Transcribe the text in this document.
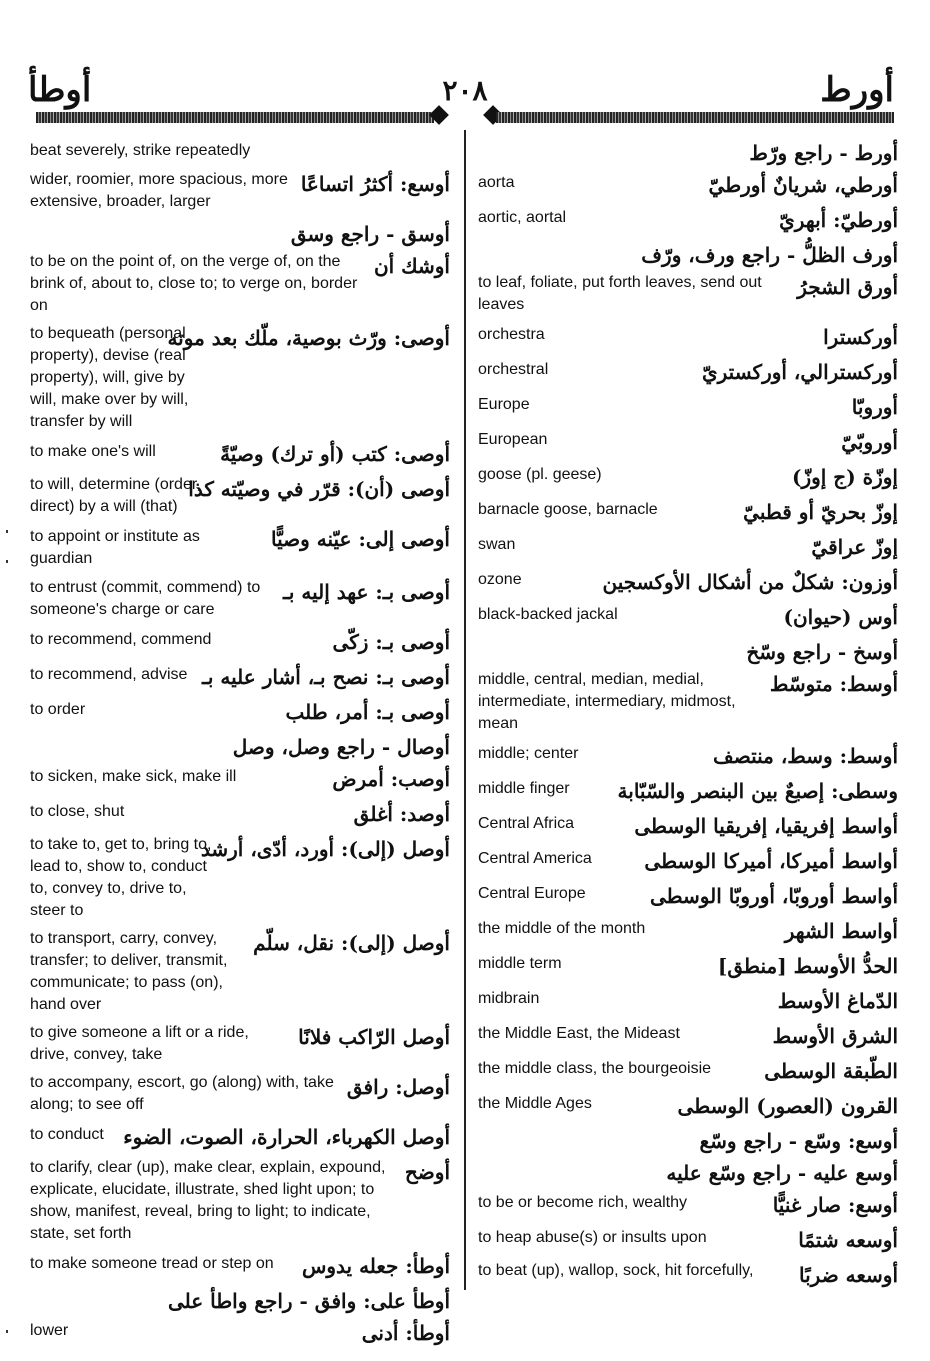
أوطأ	٢٠٨	أورط
beat severely, strike repeatedly
wider, roomier, more spacious, more extensive, broader, larger
أوسع: أكثرُ اتساعًا
أوسق - راجع وسق
to be on the point of, on the verge of, on the brink of, about to, close to; to verge on, border on
أوشك أن
to bequeath (personal property), devise (real property), will, give by will, make over by will, transfer by will
أوصى: ورّث بوصية، ملّك بعد موته
to make one's will	أوصى: كتب (أو ترك) وصيّةً
to will, determine (order, direct) by a will (that)
أوصى (أن): قرّر في وصيّته كذا
to appoint or institute as guardian
أوصى إلى: عيّنه وصيًّا
to entrust (commit, commend) to someone's charge or care
أوصى بـ: عهد إليه بـ
to recommend, commend	أوصى بـ: زكّى
to recommend, advise أوصى بـ: نصح بـ، أشار عليه بـ
to order	أوصى بـ: أمر، طلب
أوصال - راجع وصل، وصل
to sicken, make sick, make ill	أوصب: أمرض
to close, shut	أوصد: أغلق
to take to, get to, bring to, lead to, show to, conduct to, convey to, drive to, steer to
أوصل (إلى): أورد، أدّى، أرشد
to transport, carry, convey, transfer; to deliver, transmit, communicate; to pass (on), hand over
أوصل (إلى): نقل، سلّم
to give someone a lift or a ride, drive, convey, take
أوصل الرّاكب فلانًا
to accompany, escort, go (along) with, take along; to see off
أوصل: رافق
to conduct أوصل الكهرباء، الحرارة، الصوت، الضوء
to clarify, clear (up), make clear, explain, expound, explicate, elucidate, illustrate, shed light upon; to show, manifest, reveal, bring to light; to indicate, state, set forth
أوضح
to make someone tread or step on	أوطأ: جعله يدوس
أوطأ على: وافق - راجع واطأ على
lower	أوطأ: أدنى
أورط - راجع ورّط
aorta	أورطي، شريانٌ أورطيّ
aortic, aortal	أورطيّ: أبهريّ
أورف الظلُّ - راجع ورف، ورّف
to leaf, foliate, put forth leaves, send out leaves
أورق الشجرُ
orchestra	أوركسترا
orchestral	أوركسترالي، أوركستريّ
Europe	أوروبّا
European	أوروبّيّ
goose (pl. geese)	إوزّة (ج إوزّ)
barnacle goose, barnacle	إوزّ بحريّ أو قطبيّ
swan	إوزّ عراقيّ
ozone	أوزون: شكلٌ من أشكال الأوكسجين
black-backed jackal	أوس (حيوان)
أوسخ - راجع وسّخ
middle, central, median, medial, intermediate, intermediary, midmost, mean
أوسط: متوسّط
middle; center	أوسط: وسط، منتصف
middle finger	وسطى: إصبعٌ بين البنصر والسّبّابة
Central Africa	أواسط إفريقيا، إفريقيا الوسطى
Central America	أواسط أميركا، أميركا الوسطى
Central Europe	أواسط أوروبّا، أوروبّا الوسطى
the middle of the month	أواسط الشهر
middle term	الحدُّ الأوسط [منطق]
midbrain	الدّماغ الأوسط
the Middle East, the Mideast	الشرق الأوسط
the middle class, the bourgeoisie	الطّبقة الوسطى
the Middle Ages	القرون (العصور) الوسطى
أوسع: وسّع - راجع وسّع
أوسع عليه - راجع وسّع عليه
to be or become rich, wealthy	أوسع: صار غنيًّا
to heap abuse(s) or insults upon	أوسعه شتمًا
to beat (up), wallop, sock, hit forcefully,	أوسعه ضربًا
